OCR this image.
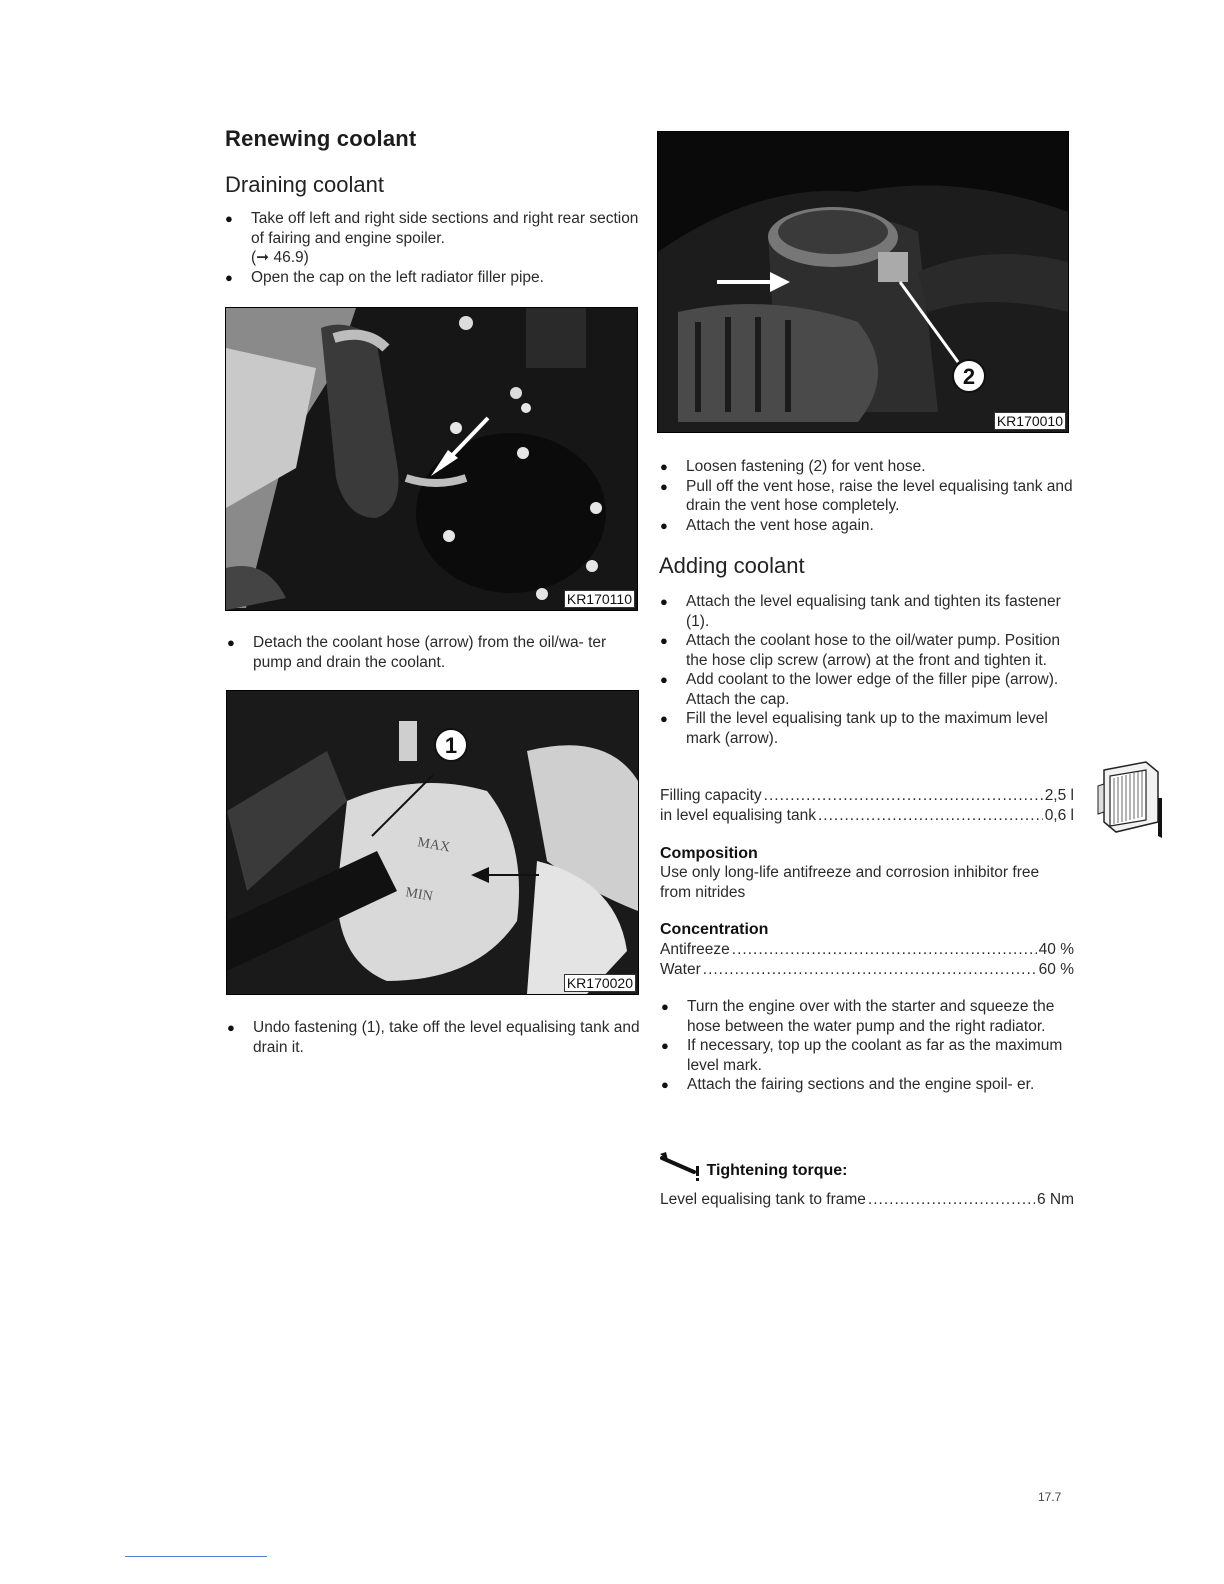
Renewing coolant
Draining coolant
● Take off left and right side sections and right rear section of fairing and engine spoiler.
(➞ 46.9)
● Open the cap on the left radiator filler pipe.
KR170110
● Detach the coolant hose (arrow) from the oil/wa- ter pump and drain the coolant.
1
MAX
MIN
KR170020
● Undo fastening (1), take off the level equalising tank and drain it.
2
KR170010
● Loosen fastening (2) for vent hose.
● Pull off the vent hose, raise the level equalising tank and drain the vent hose completely.
● Attach the vent hose again.
Adding coolant
● Attach the level equalising tank and tighten its fastener (1).
● Attach the coolant hose to the oil/water pump. Position the hose clip screw (arrow) at the front and tighten it.
● Add coolant to the lower edge of the filler pipe (arrow). Attach the cap.
● Fill the level equalising tank up to the maximum level mark (arrow).
Filling capacity .....	2,5 l
in level equalising tank .....	0,6 l
Composition
Use only long-life antifreeze and corrosion inhibitor free from nitrides
Concentration
Antifreeze .....	40 %
Water .....	60 %
● Turn the engine over with the starter and squeeze the hose between the water pump and the right radiator.
● If necessary, top up the coolant as far as the maximum level mark.
● Attach the fairing sections and the engine spoil- er.
Tightening torque:
Level equalising tank to frame .....	6 Nm
17.7
